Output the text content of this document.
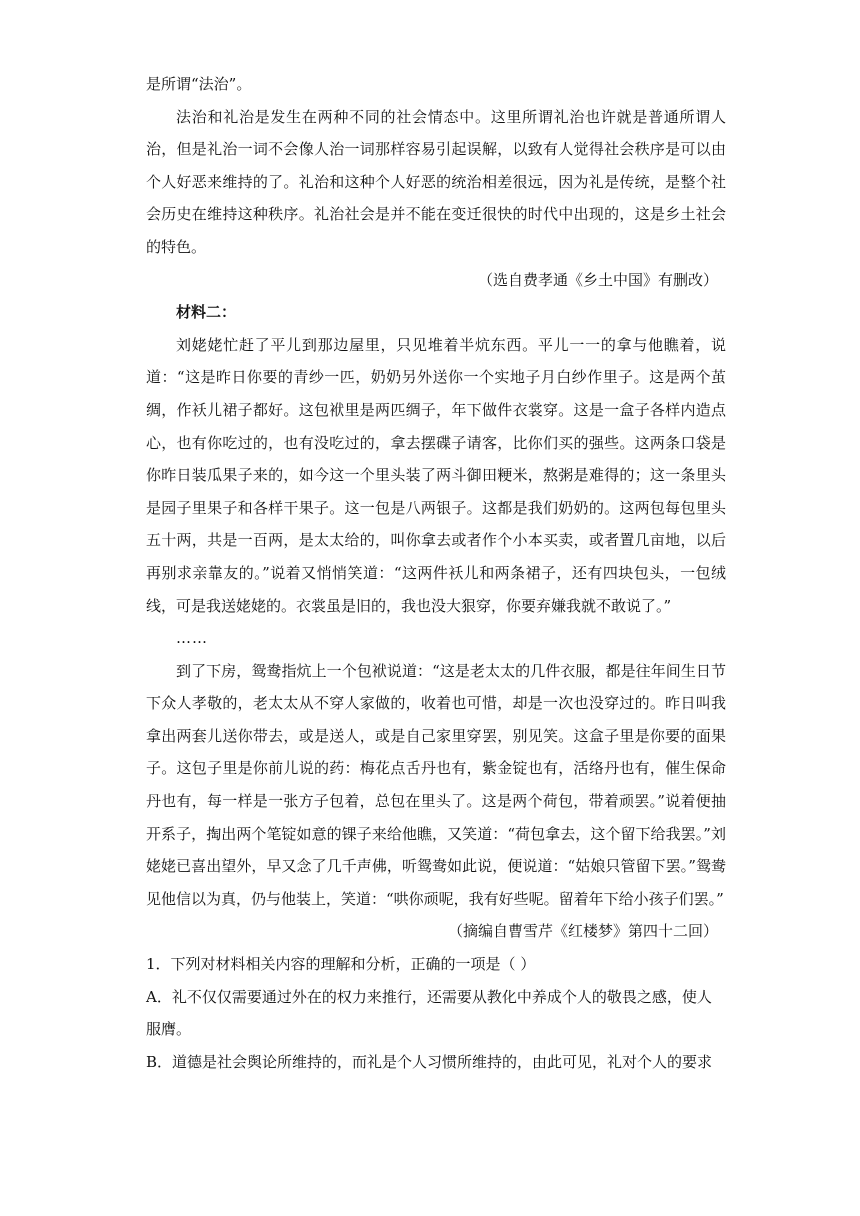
是所谓“法治”。

法治和礼治是发生在两种不同的社会情态中。这里所谓礼治也许就是普通所谓人治，但是礼治一词不会像人治一词那样容易引起误解，以致有人觉得社会秩序是可以由个人好恶来维持的了。礼治和这种个人好恶的统治相差很远，因为礼是传统，是整个社会历史在维持这种秩序。礼治社会是并不能在变迁很快的时代中出现的，这是乡土社会的特色。

（选自费孝通《乡土中国》有删改）

材料二：

刘姥姥忙赶了平儿到那边屋里，只见堆着半炕东西。平儿一一的拿与他瞧着，说道：“这是昨日你要的青纱一匹，奶奶另外送你一个实地子月白纱作里子。这是两个茧绸，作袄儿裙子都好。这包袱里是两匹绸子，年下做件衣裳穿。这是一盒子各样内造点心，也有你吃过的，也有没吃过的，拿去摆碟子请客，比你们买的强些。这两条口袋是你昨日装瓜果子来的，如今这一个里头装了两斗御田粳米，熬粥是难得的；这一条里头是园子里果子和各样干果子。这一包是八两银子。这都是我们奶奶的。这两包每包里头五十两，共是一百两，是太太给的，叫你拿去或者作个小本买卖，或者置几亩地，以后再别求亲靠友的。”说着又悄悄笑道：“这两件袄儿和两条裙子，还有四块包头，一包绒线，可是我送姥姥的。衣裳虽是旧的，我也没大狠穿，你要弃嫌我就不敢说了。”

……

到了下房，鸳鸯指炕上一个包袱说道：“这是老太太的几件衣服，都是往年间生日节下众人孝敬的，老太太从不穿人家做的，收着也可惜，却是一次也没穿过的。昨日叫我拿出两套儿送你带去，或是送人，或是自己家里穿罢，别见笑。这盒子里是你要的面果子。这包子里是你前儿说的药：梅花点舌丹也有，紫金锭也有，活络丹也有，催生保命丹也有，每一样是一张方子包着，总包在里头了。这是两个荷包，带着顽罢。”说着便抽开系子，掏出两个笔锭如意的锞子来给他瞧，又笑道：“荷包拿去，这个留下给我罢。”刘姥姥已喜出望外，早又念了几千声佛，听鸳鸯如此说，便说道：“姑娘只管留下罢。”鸳鸯见他信以为真，仍与他装上，笑道：“哄你顽呢，我有好些呢。留着年下给小孩子们罢。”

（摘编自曹雪芹《红楼梦》第四十二回）

1．下列对材料相关内容的理解和分析，正确的一项是（ ）

A．礼不仅仅需要通过外在的权力来推行，还需要从教化中养成个人的敬畏之感，使人服膺。

B．道德是社会舆论所维持的，而礼是个人习惯所维持的，由此可见，礼对个人的要求
